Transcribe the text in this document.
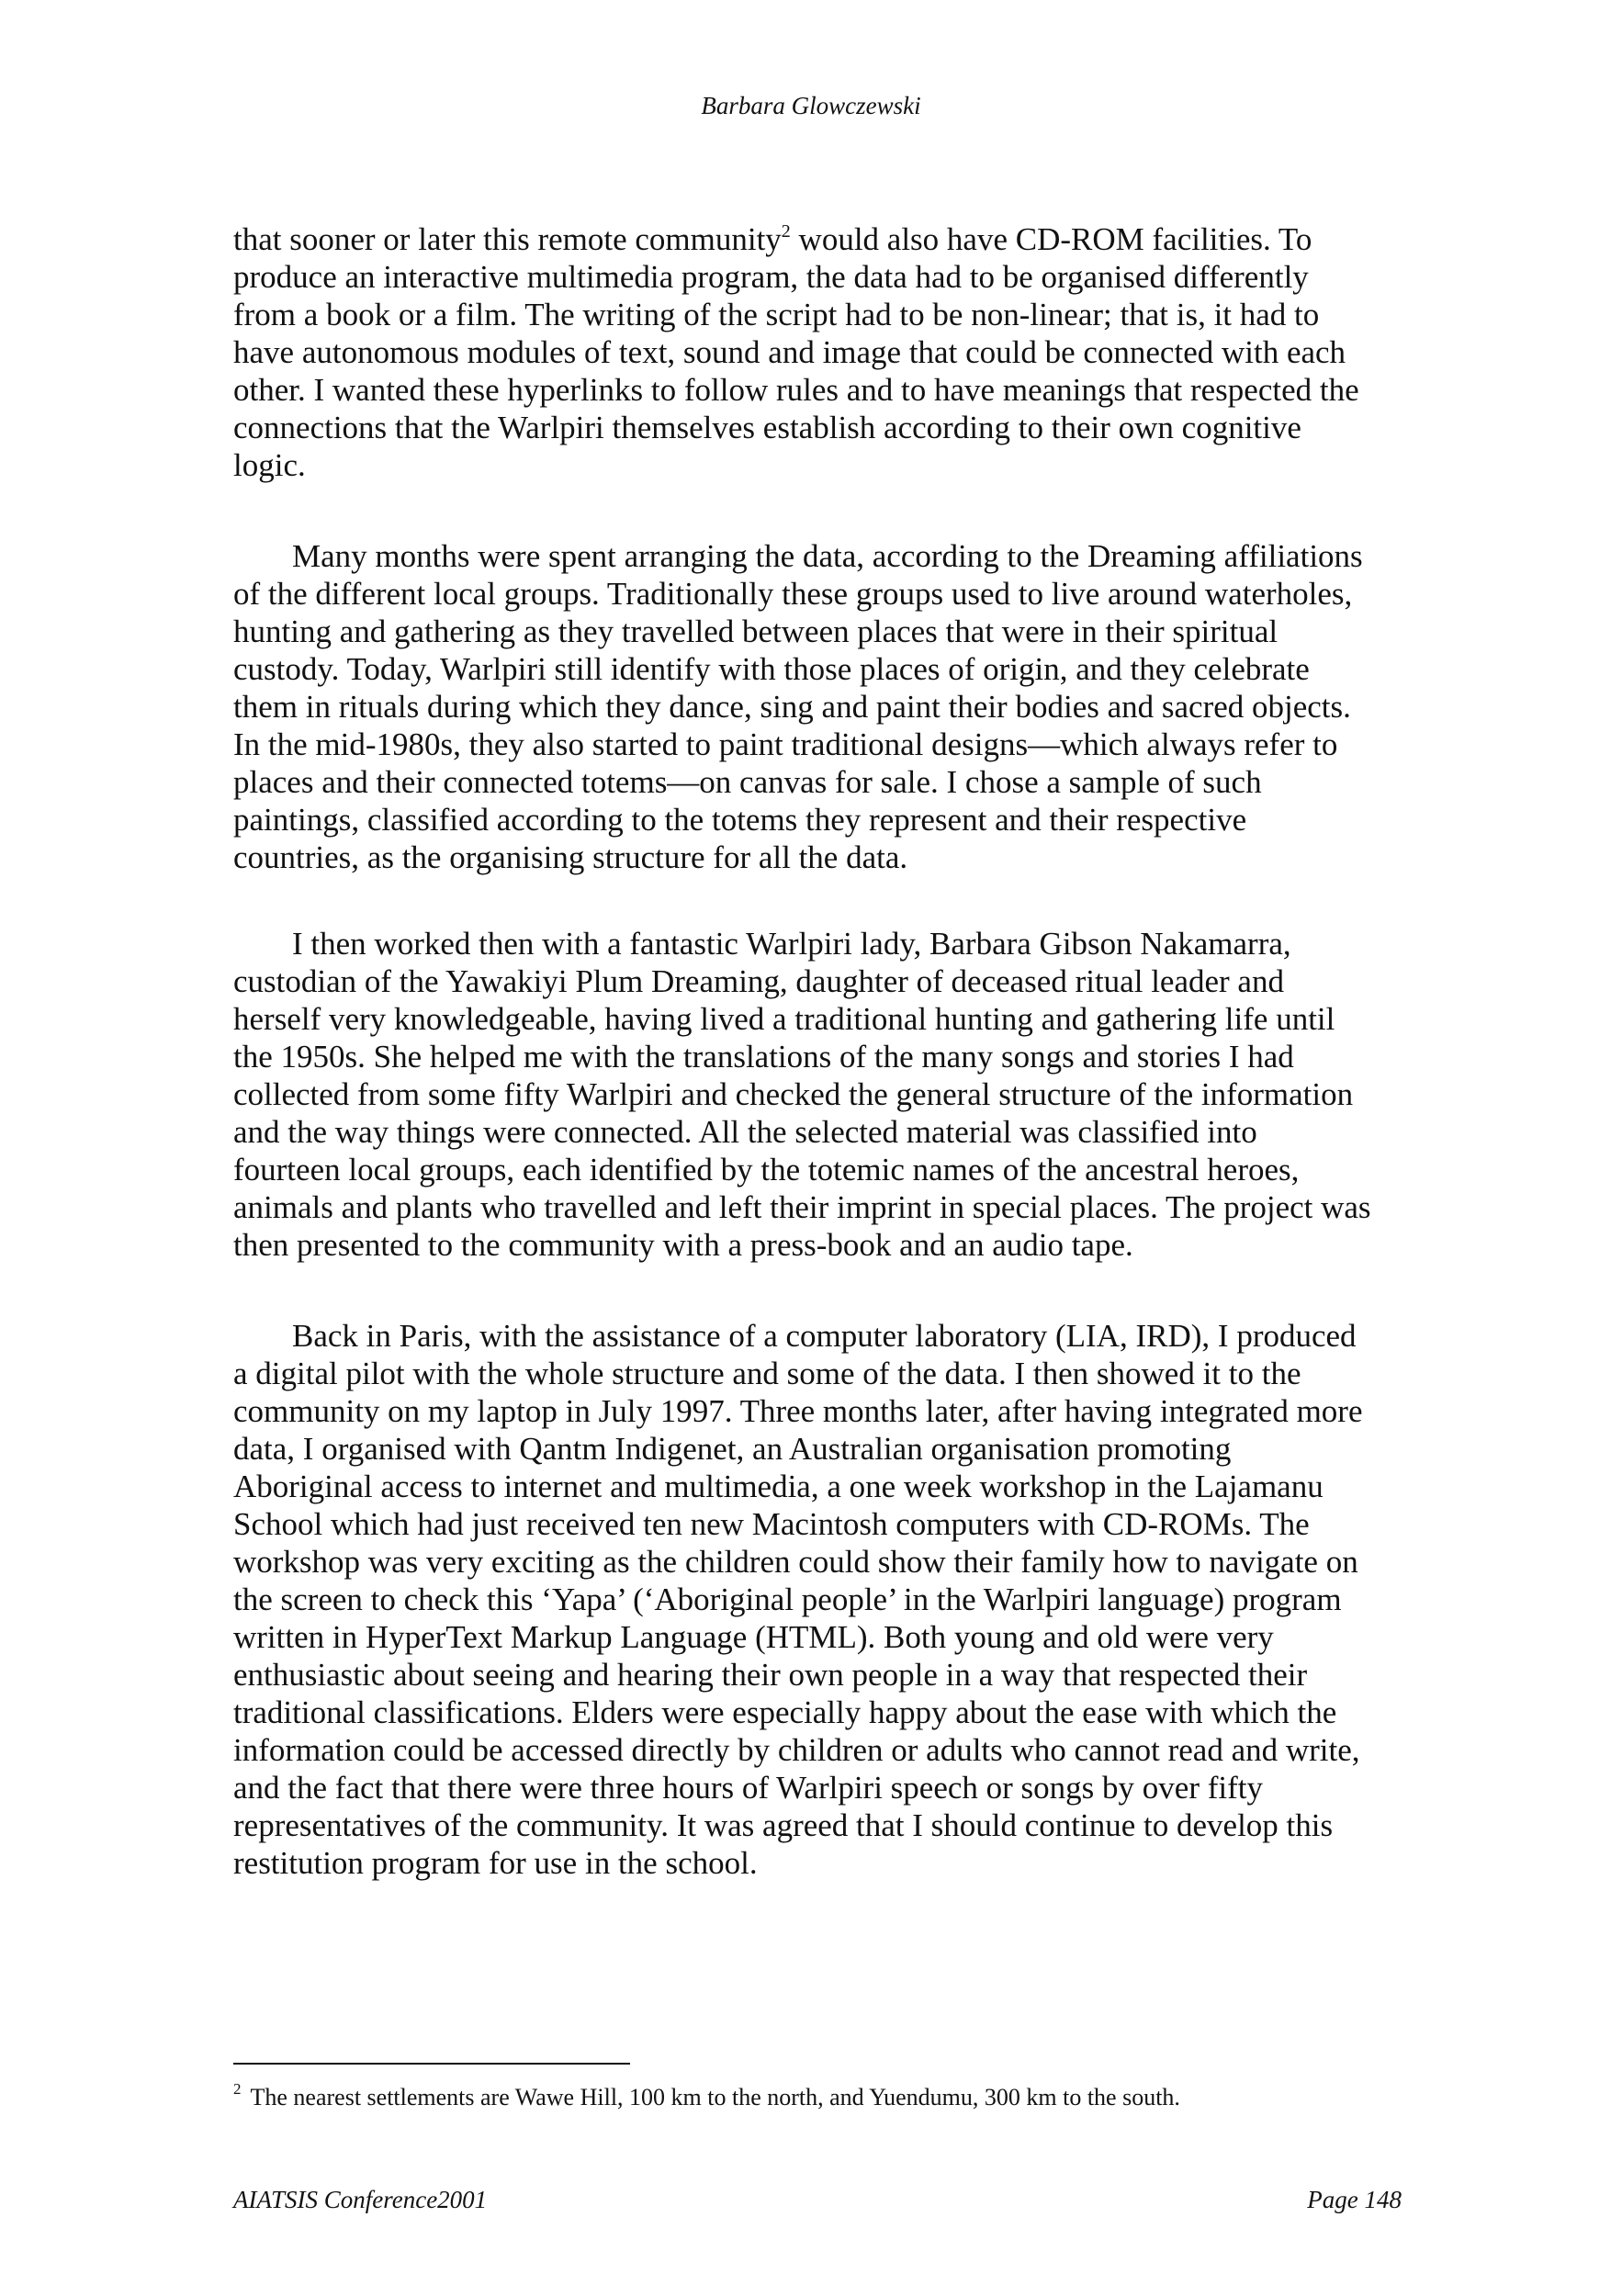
Barbara Glowczewski
that sooner or later this remote community$^2$ would also have CD-ROM facilities. To
produce an interactive multimedia program, the data had to be organised differently
from a book or a film. The writing of the script had to be non-linear; that is, it had to
have autonomous modules of text, sound and image that could be connected with each
other. I wanted these hyperlinks to follow rules and to have meanings that respected the
connections that the Warlpiri themselves establish according to their own cognitive
logic.
Many months were spent arranging the data, according to the Dreaming affiliations
of the different local groups. Traditionally these groups used to live around waterholes,
hunting and gathering as they travelled between places that were in their spiritual
custody. Today, Warlpiri still identify with those places of origin, and they celebrate
them in rituals during which they dance, sing and paint their bodies and sacred objects.
In the mid-1980s, they also started to paint traditional designs—which always refer to
places and their connected totems—on canvas for sale. I chose a sample of such
paintings, classified according to the totems they represent and their respective
countries, as the organising structure for all the data.
I then worked then with a fantastic Warlpiri lady, Barbara Gibson Nakamarra,
custodian of the Yawakiyi Plum Dreaming, daughter of deceased ritual leader and
herself very knowledgeable, having lived a traditional hunting and gathering life until
the 1950s. She helped me with the translations of the many songs and stories I had
collected from some fifty Warlpiri and checked the general structure of the information
and the way things were connected. All the selected material was classified into
fourteen local groups, each identified by the totemic names of the ancestral heroes,
animals and plants who travelled and left their imprint in special places. The project was
then presented to the community with a press-book and an audio tape.
Back in Paris, with the assistance of a computer laboratory (LIA, IRD), I produced
a digital pilot with the whole structure and some of the data. I then showed it to the
community on my laptop in July 1997. Three months later, after having integrated more
data, I organised with Qantm Indigenet, an Australian organisation promoting
Aboriginal access to internet and multimedia, a one week workshop in the Lajamanu
School which had just received ten new Macintosh computers with CD-ROMs. The
workshop was very exciting as the children could show their family how to navigate on
the screen to check this ‘Yapa’ (‘Aboriginal people’ in the Warlpiri language) program
written in HyperText Markup Language (HTML). Both young and old were very
enthusiastic about seeing and hearing their own people in a way that respected their
traditional classifications. Elders were especially happy about the ease with which the
information could be accessed directly by children or adults who cannot read and write,
and the fact that there were three hours of Warlpiri speech or songs by over fifty
representatives of the community. It was agreed that I should continue to develop this
restitution program for use in the school.
$^2$ The nearest settlements are Wawe Hill, 100 km to the north, and Yuendumu, 300 km to the south.
AIATSIS Conference2001	Page 148
